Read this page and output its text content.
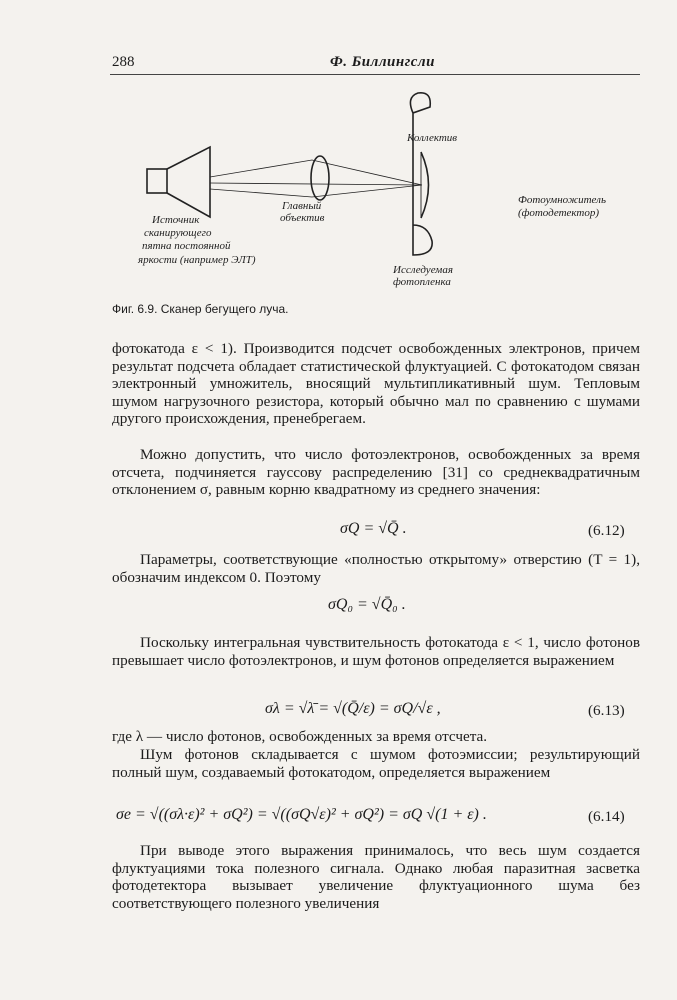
288	Ф. Биллингсли
Источник
сканирующего
пятна постоянной
яркости (например ЭЛТ)
Главный
объектив
Коллектив
Исследуемая
фотопленка
Фотоумножитель
(фотодетектор)
Фиг. 6.9. Сканер бегущего луча.
фотокатода ε < 1). Производится подсчет освобожденных электронов, причем результат подсчета обладает статистической флуктуацией. С фотокатодом связан электронный умножитель, вносящий мультипликативный шум. Тепловым шумом нагрузочного резистора, который обычно мал по сравнению с шумами другого происхождения, пренебрегаем.
Можно допустить, что число фотоэлектронов, освобожденных за время отсчета, подчиняется гауссову распределению [31] со среднеквадратичным отклонением σ, равным корню квадратному из среднего значения:
σQ = √Q̄ .	(6.12)
Параметры, соответствующие «полностью открытому» отверстию (T = 1), обозначим индексом 0. Поэтому
σQ₀ = √Q̄₀ .
Поскольку интегральная чувствительность фотокатода ε < 1, число фотонов превышает число фотоэлектронов, и шум фотонов определяется выражением
σλ = √λ̄ = √(Q̄/ε) = σQ/√ε ,	(6.13)
где λ — число фотонов, освобожденных за время отсчета.
Шум фотонов складывается с шумом фотоэмиссии; результирующий полный шум, создаваемый фотокатодом, определяется выражением
σe = √((σλ·ε)² + σQ²) = √((σQ√ε)² + σQ²) = σQ √(1 + ε) .	(6.14)
При выводе этого выражения принималось, что весь шум создается флуктуациями тока полезного сигнала. Однако любая паразитная засветка фотодетектора вызывает увеличение флуктуационного шума без соответствующего полезного увеличения
